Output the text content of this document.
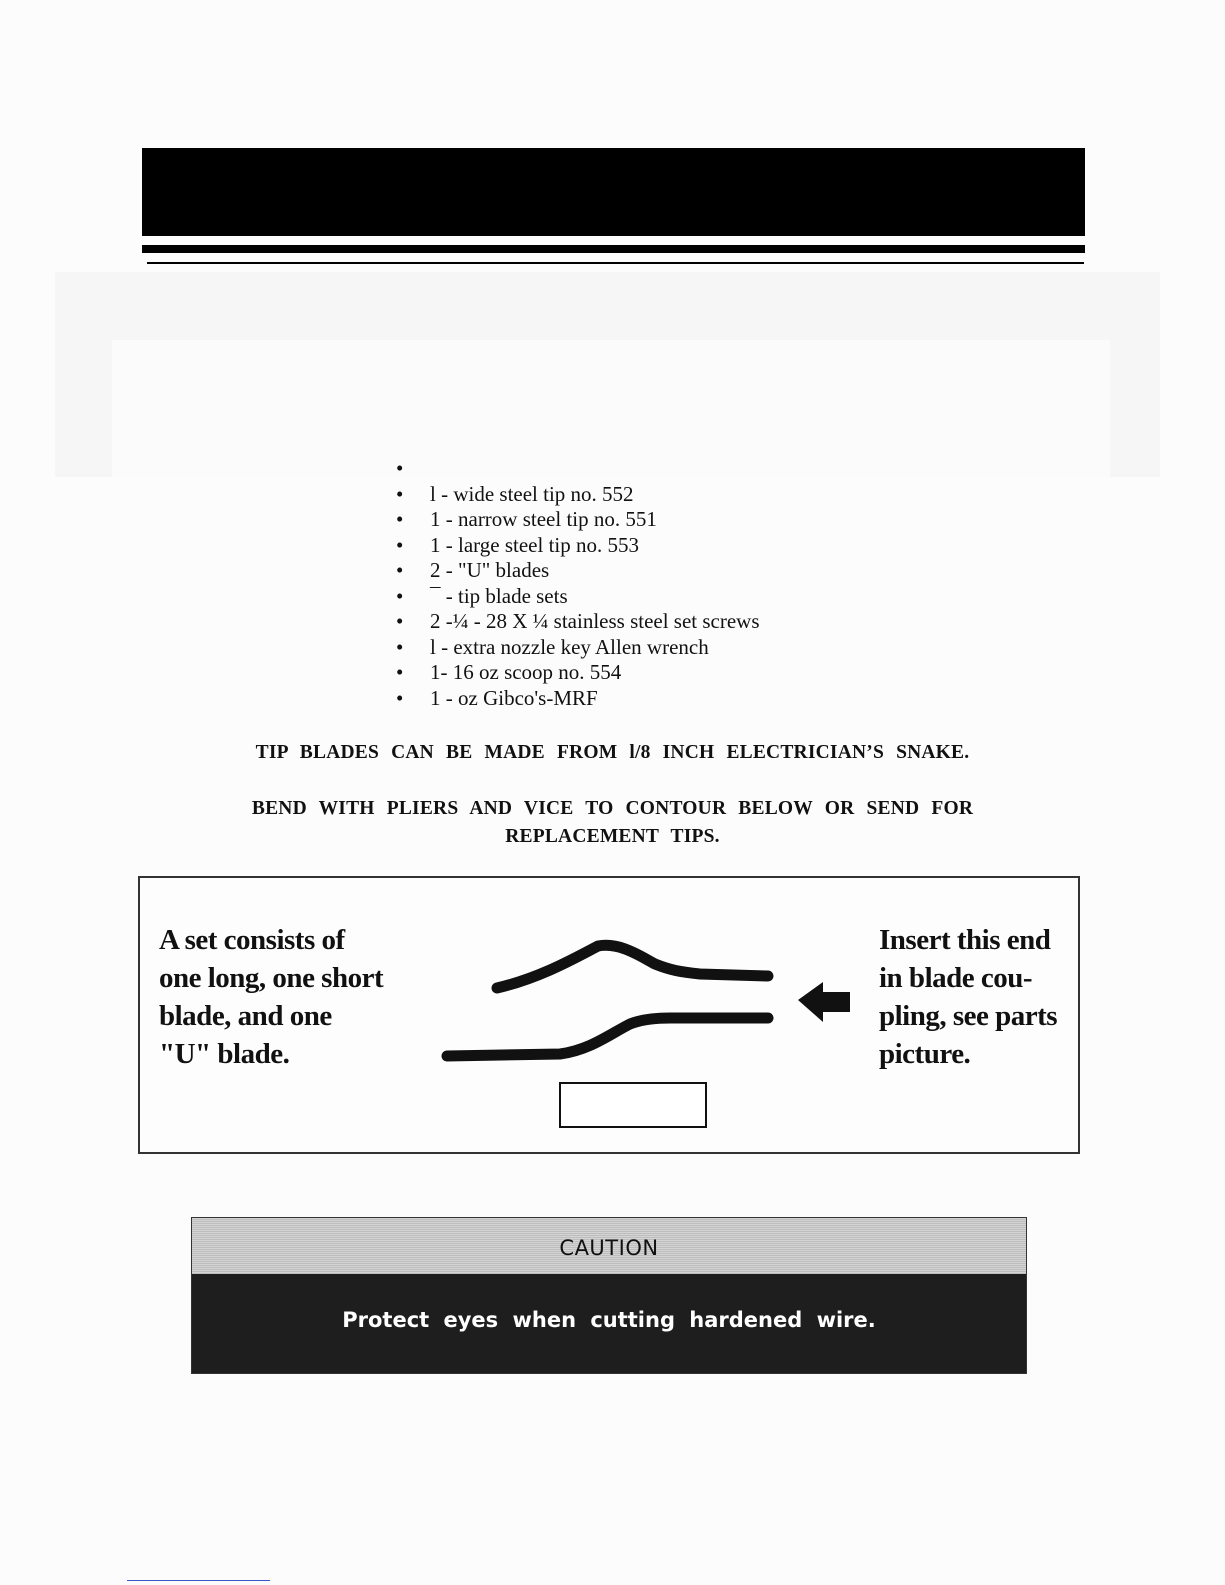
•
• l - wide steel tip no. 552
• 1 - narrow steel tip no. 551
• 1 - large steel tip no. 553
• 2 - "U" blades
• ¯ - tip blade sets
• 2 -¼ - 28 X ¼ stainless steel set screws
• l - extra nozzle key Allen wrench
• 1- 16 oz scoop no. 554
• 1 - oz Gibco's-MRF
TIP BLADES CAN BE MADE FROM l/8 INCH ELECTRICIAN’S SNAKE.
BEND WITH PLIERS AND VICE TO CONTOUR BELOW OR SEND FOR REPLACEMENT TIPS.
A set consists of one long, one short blade, and one "U" blade.
Insert this end in blade cou-pling, see parts picture.
CAUTION
Protect eyes when cutting hardened wire.
